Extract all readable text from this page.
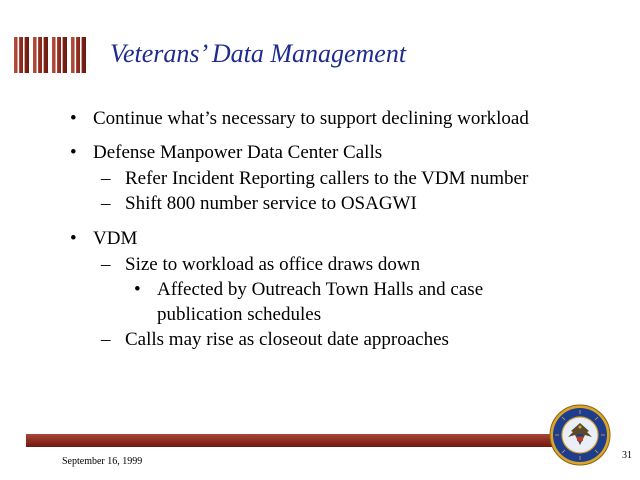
Veterans’ Data Management
• Continue what’s necessary to support declining workload
• Defense Manpower Data Center Calls
– Refer Incident Reporting callers to the VDM number
– Shift 800 number service to OSAGWI
• VDM
– Size to workload as office draws down
• Affected by Outreach Town Halls and case publication schedules
– Calls may rise as closeout date approaches
September 16, 1999
31
